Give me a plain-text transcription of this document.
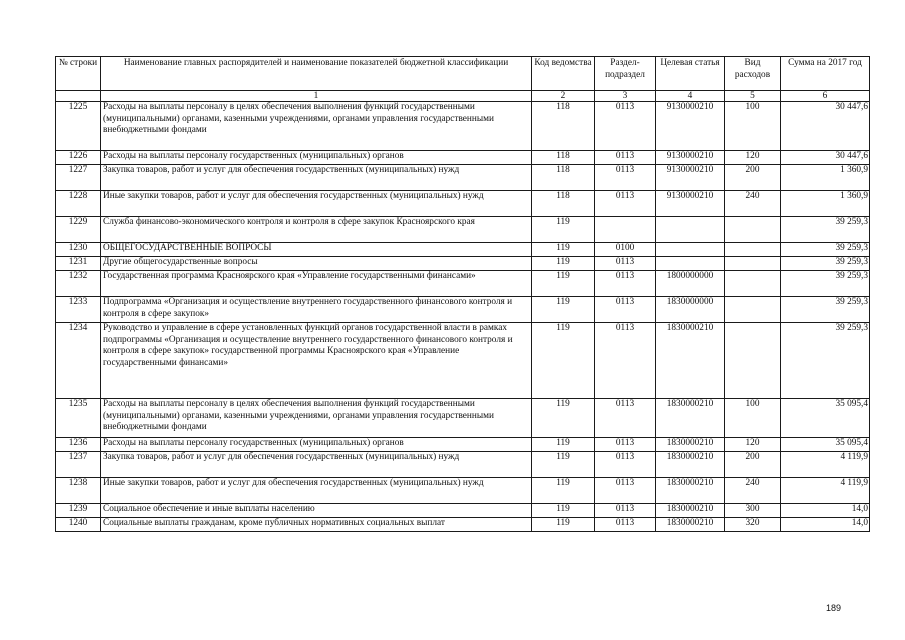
№ строки	Наименование главных распорядителей и наименование показателей бюджетной классификации	Код ведомства	Раздел-подраздел	Целевая статья	Вид расходов	Сумма на 2017 год
	1	2	3	4	5	6
1225	Расходы на выплаты персоналу в целях обеспечения выполнения функций государственными (муниципальными) органами, казенными учреждениями, органами управления государственными внебюджетными фондами	118	0113	9130000210	100	30 447,6
1226	Расходы на выплаты персоналу государственных (муниципальных) органов	118	0113	9130000210	120	30 447,6
1227	Закупка товаров, работ и услуг для обеспечения государственных (муниципальных) нужд	118	0113	9130000210	200	1 360,9
1228	Иные закупки товаров, работ и услуг для обеспечения государственных (муниципальных) нужд	118	0113	9130000210	240	1 360,9
1229	Служба финансово-экономического контроля и контроля в сфере закупок Красноярского края	119				39 259,3
1230	ОБЩЕГОСУДАРСТВЕННЫЕ ВОПРОСЫ	119	0100			39 259,3
1231	Другие общегосударственные вопросы	119	0113			39 259,3
1232	Государственная программа Красноярского края «Управление государственными финансами»	119	0113	1800000000		39 259,3
1233	Подпрограмма «Организация и осуществление внутреннего государственного финансового контроля и контроля в сфере закупок»	119	0113	1830000000		39 259,3
1234	Руководство и управление в сфере установленных функций органов государственной власти в рамках подпрограммы «Организация и осуществление внутреннего государственного финансового контроля и контроля в сфере закупок» государственной программы Красноярского края «Управление государственными финансами»	119	0113	1830000210		39 259,3
1235	Расходы на выплаты персоналу в целях обеспечения выполнения функций государственными (муниципальными) органами, казенными учреждениями, органами управления государственными внебюджетными фондами	119	0113	1830000210	100	35 095,4
1236	Расходы на выплаты персоналу государственных (муниципальных) органов	119	0113	1830000210	120	35 095,4
1237	Закупка товаров, работ и услуг для обеспечения государственных (муниципальных) нужд	119	0113	1830000210	200	4 119,9
1238	Иные закупки товаров, работ и услуг для обеспечения государственных (муниципальных) нужд	119	0113	1830000210	240	4 119,9
1239	Социальное обеспечение и иные выплаты населению	119	0113	1830000210	300	14,0
1240	Социальные выплаты гражданам, кроме публичных нормативных социальных выплат	119	0113	1830000210	320	14,0
189
